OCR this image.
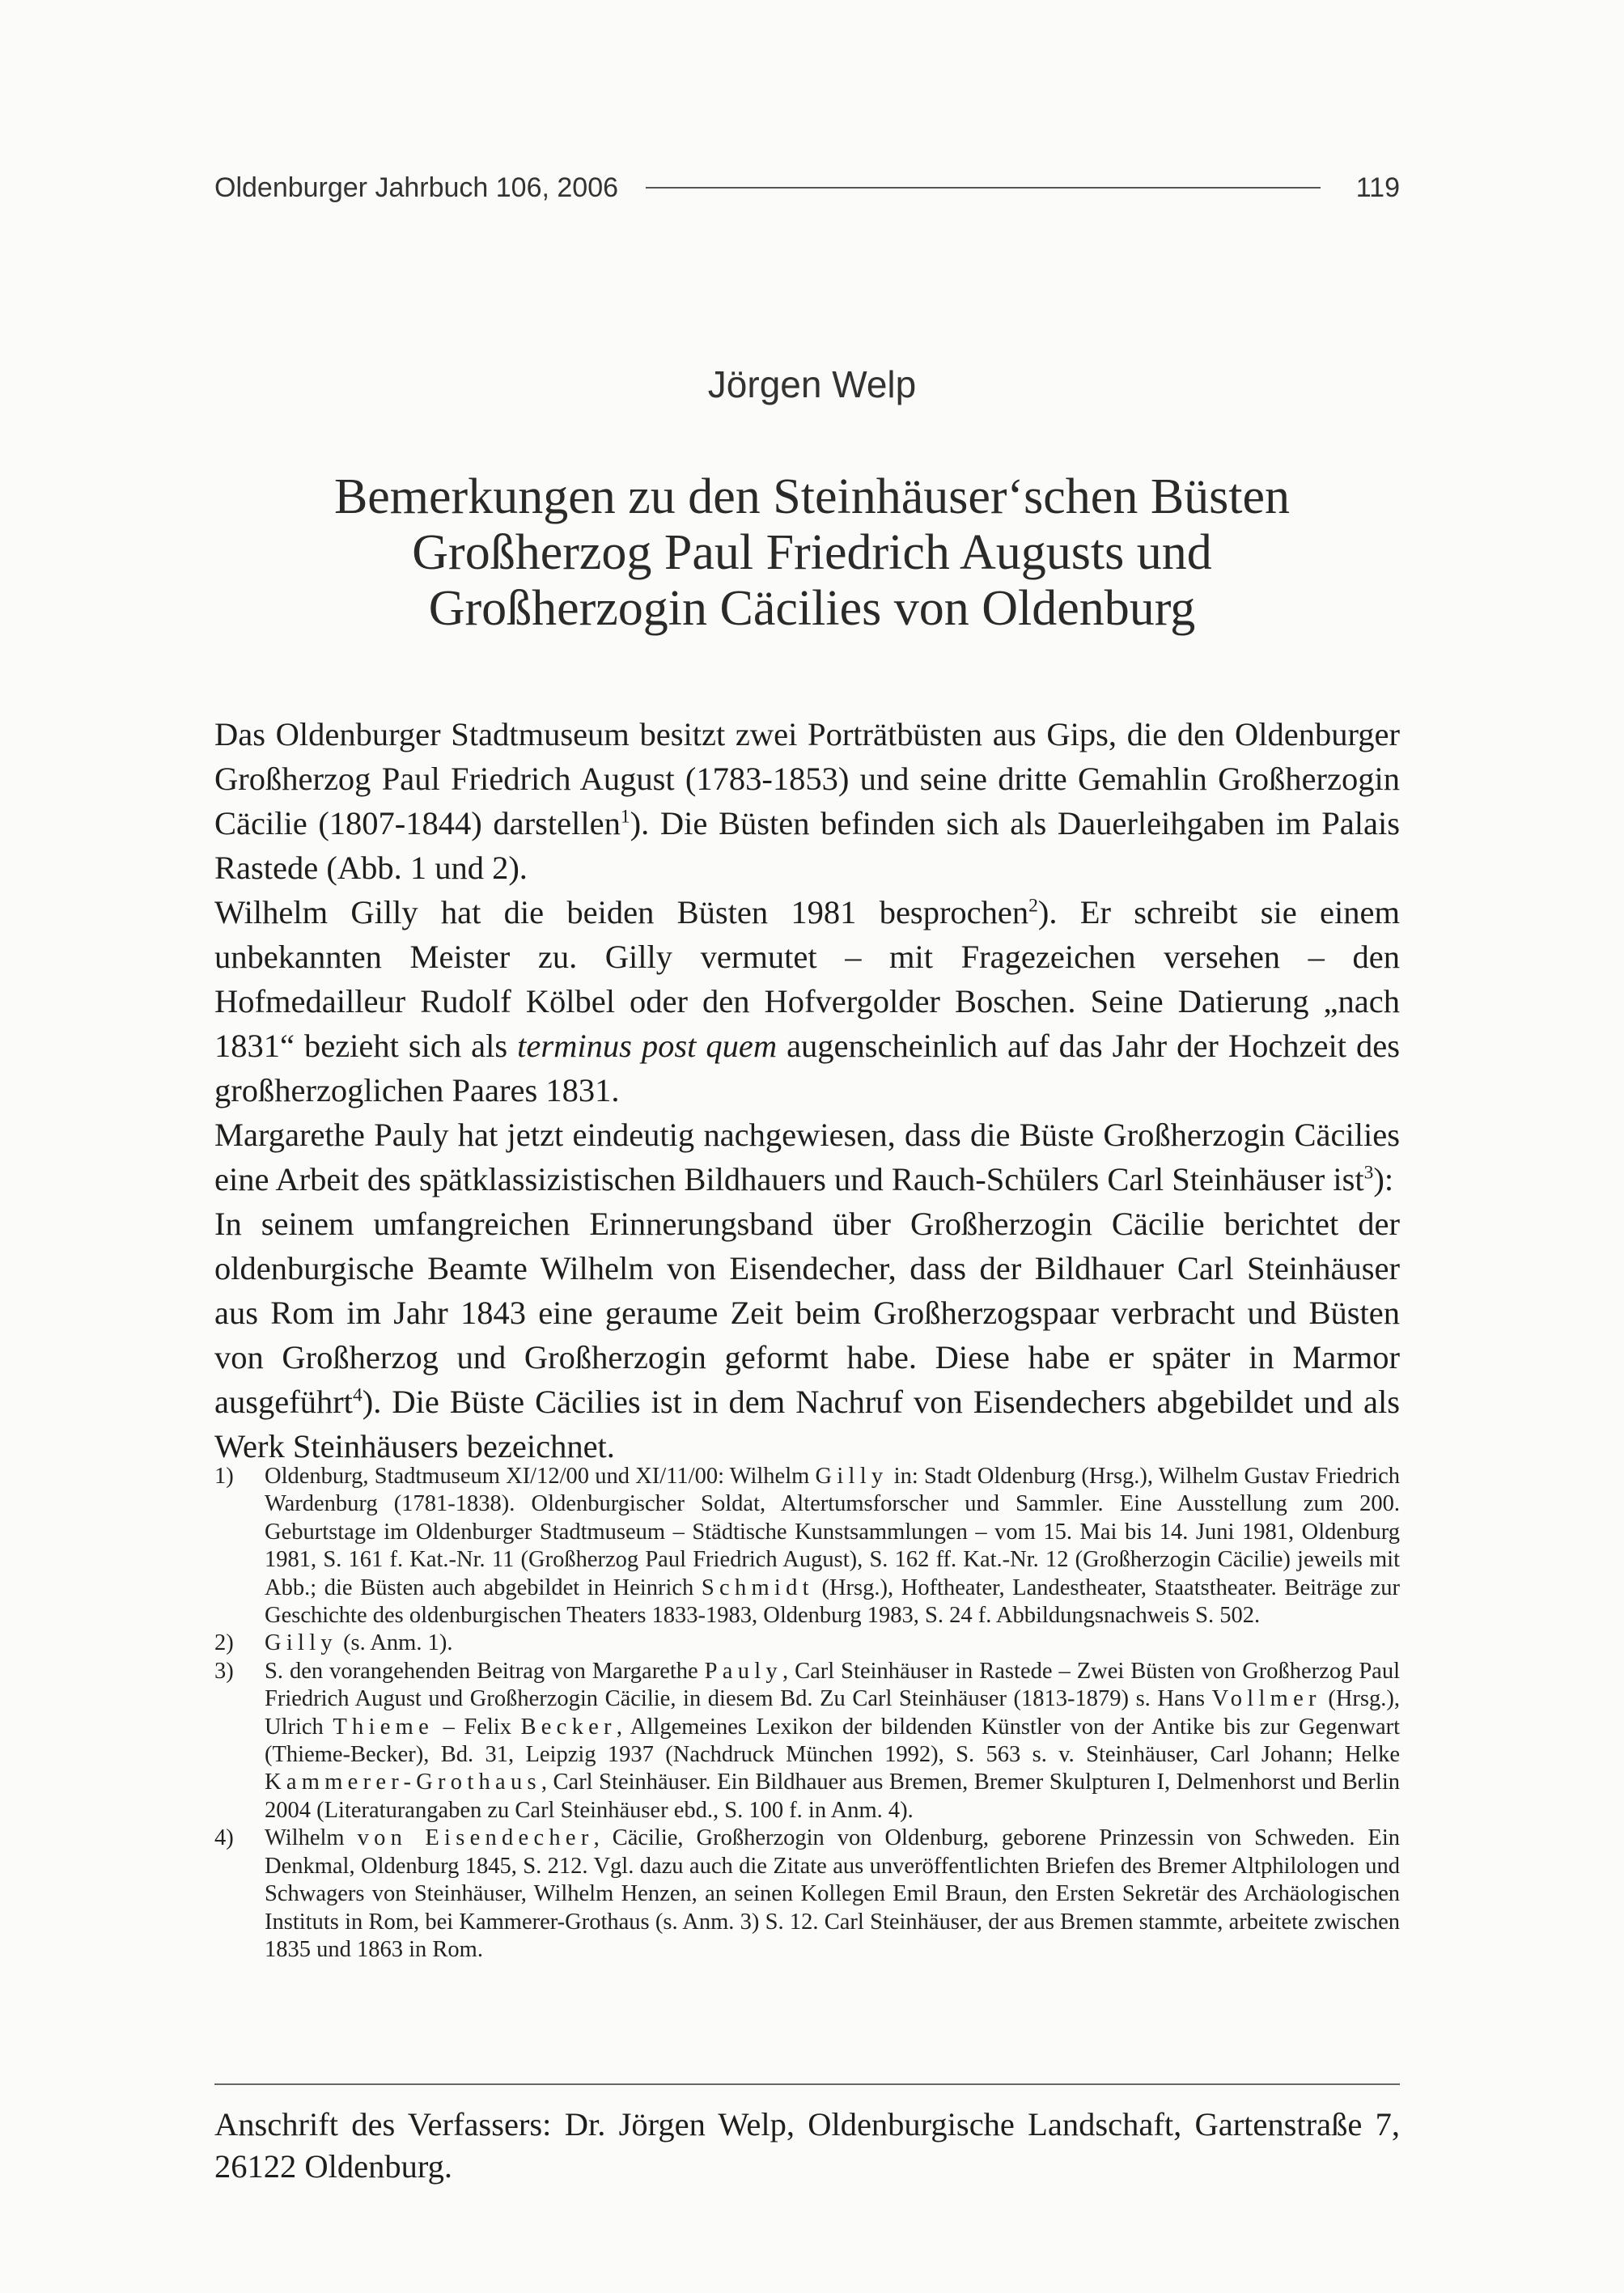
Oldenburger Jahrbuch 106, 2006	119
Jörgen Welp
Bemerkungen zu den Steinhäuser‘schen Büsten
Großherzog Paul Friedrich Augusts und
Großherzogin Cäcilies von Oldenburg

Das Oldenburger Stadtmuseum besitzt zwei Porträtbüsten aus Gips, die den Oldenburger Großherzog Paul Friedrich August (1783-1853) und seine dritte Gemahlin Großherzogin Cäcilie (1807-1844) darstellen$^1$). Die Büsten befinden sich als Dauerleihgaben im Palais Rastede (Abb. 1 und 2).

Wilhelm Gilly hat die beiden Büsten 1981 besprochen$^2$). Er schreibt sie einem unbekannten Meister zu. Gilly vermutet – mit Fragezeichen versehen – den Hofmedailleur Rudolf Kölbel oder den Hofvergolder Boschen. Seine Datierung „nach 1831“ bezieht sich als terminus post quem augenscheinlich auf das Jahr der Hochzeit des großherzoglichen Paares 1831.

Margarethe Pauly hat jetzt eindeutig nachgewiesen, dass die Büste Großherzogin Cäcilies eine Arbeit des spätklassizistischen Bildhauers und Rauch-Schülers Carl Steinhäuser ist$^3$):

In seinem umfangreichen Erinnerungsband über Großherzogin Cäcilie berichtet der oldenburgische Beamte Wilhelm von Eisendecher, dass der Bildhauer Carl Steinhäuser aus Rom im Jahr 1843 eine geraume Zeit beim Großherzogspaar verbracht und Büsten von Großherzog und Großherzogin geformt habe. Diese habe er später in Marmor ausgeführt$^4$). Die Büste Cäcilies ist in dem Nachruf von Eisendechers abgebildet und als Werk Steinhäusers bezeichnet.

1)	Oldenburg, Stadtmuseum XI/12/00 und XI/11/00: Wilhelm Gilly in: Stadt Oldenburg (Hrsg.), Wilhelm Gustav Friedrich Wardenburg (1781-1838). Oldenburgischer Soldat, Altertumsforscher und Sammler. Eine Ausstellung zum 200. Geburtstage im Oldenburger Stadtmuseum – Städtische Kunstsammlungen – vom 15. Mai bis 14. Juni 1981, Oldenburg 1981, S. 161 f. Kat.-Nr. 11 (Großherzog Paul Friedrich August), S. 162 ff. Kat.-Nr. 12 (Großherzogin Cäcilie) jeweils mit Abb.; die Büsten auch abgebildet in Heinrich Schmidt (Hrsg.), Hoftheater, Landestheater, Staatstheater. Beiträge zur Geschichte des oldenburgischen Theaters 1833-1983, Oldenburg 1983, S. 24 f. Abbildungsnachweis S. 502.
2)	Gilly (s. Anm. 1).
3)	S. den vorangehenden Beitrag von Margarethe Pauly, Carl Steinhäuser in Rastede – Zwei Büsten von Großherzog Paul Friedrich August und Großherzogin Cäcilie, in diesem Bd. Zu Carl Steinhäuser (1813-1879) s. Hans Vollmer (Hrsg.), Ulrich Thieme – Felix Becker, Allgemeines Lexikon der bildenden Künstler von der Antike bis zur Gegenwart (Thieme-Becker), Bd. 31, Leipzig 1937 (Nachdruck München 1992), S. 563 s. v. Steinhäuser, Carl Johann; Helke Kammerer-Grothaus, Carl Steinhäuser. Ein Bildhauer aus Bremen, Bremer Skulpturen I, Delmenhorst und Berlin 2004 (Literaturangaben zu Carl Steinhäuser ebd., S. 100 f. in Anm. 4).
4)	Wilhelm von Eisendecher, Cäcilie, Großherzogin von Oldenburg, geborene Prinzessin von Schweden. Ein Denkmal, Oldenburg 1845, S. 212. Vgl. dazu auch die Zitate aus unveröffentlichten Briefen des Bremer Altphilologen und Schwagers von Steinhäuser, Wilhelm Henzen, an seinen Kollegen Emil Braun, den Ersten Sekretär des Archäologischen Instituts in Rom, bei Kammerer-Grothaus (s. Anm. 3) S. 12. Carl Steinhäuser, der aus Bremen stammte, arbeitete zwischen 1835 und 1863 in Rom.
Anschrift des Verfassers: Dr. Jörgen Welp, Oldenburgische Landschaft, Gartenstraße 7, 26122 Oldenburg.
